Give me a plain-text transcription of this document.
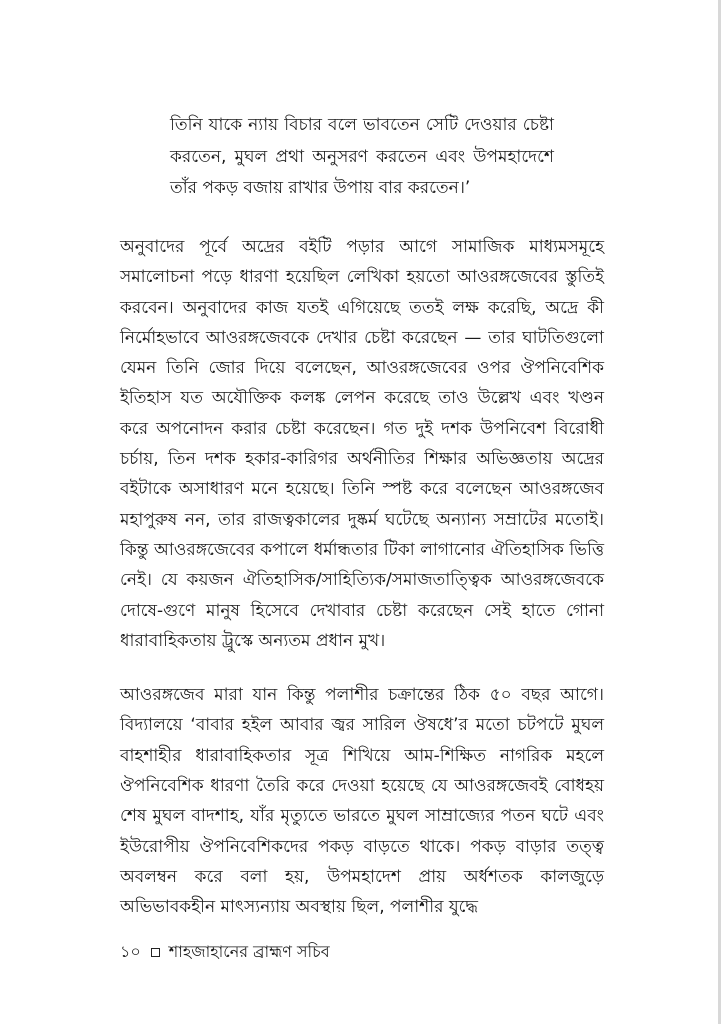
তিনি যাকে ন্যায় বিচার বলে ভাবতেন সেটি দেওয়ার চেষ্টা করতেন, মুঘল প্রথা অনুসরণ করতেন এবং উপমহাদেশে তাঁর পকড় বজায় রাখার উপায় বার করতেন।’

অনুবাদের পূর্বে অদ্রের বইটি পড়ার আগে সামাজিক মাধ্যমসমূহে সমালোচনা পড়ে ধারণা হয়েছিল লেখিকা হয়তো আওরঙ্গজেবের স্তুতিই করবেন। অনুবাদের কাজ যতই এগিয়েছে ততই লক্ষ করেছি, অদ্রে কী নির্মোহভাবে আওরঙ্গজেবকে দেখার চেষ্টা করেছেন — তার ঘাটতিগুলো যেমন তিনি জোর দিয়ে বলেছেন, আওরঙ্গজেবের ওপর ঔপনিবেশিক ইতিহাস যত অযৌক্তিক কলঙ্ক লেপন করেছে তাও উল্লেখ এবং খণ্ডন করে অপনোদন করার চেষ্টা করেছেন। গত দুই দশক উপনিবেশ বিরোধী চর্চায়, তিন দশক হকার-কারিগর অর্থনীতির শিক্ষার অভিজ্ঞতায় অদ্রের বইটাকে অসাধারণ মনে হয়েছে। তিনি স্পষ্ট করে বলেছেন আওরঙ্গজেব মহাপুরুষ নন, তার রাজত্বকালের দুষ্কর্ম ঘটেছে অন্যান্য সম্রাটের মতোই। কিন্তু আওরঙ্গজেবের কপালে ধর্মান্ধতার টিকা লাগানোর ঐতিহাসিক ভিত্তি নেই। যে কয়জন ঐতিহাসিক/সাহিত্যিক/সমাজতাত্ত্বিক আওরঙ্গজেবকে দোষে-গুণে মানুষ হিসেবে দেখাবার চেষ্টা করেছেন সেই হাতে গোনা ধারাবাহিকতায় ট্রুস্কে অন্যতম প্রধান মুখ।

আওরঙ্গজেব মারা যান কিন্তু পলাশীর চক্রান্তের ঠিক ৫০ বছর আগে। বিদ্যালয়ে ‘বাবার হইল আবার জ্বর সারিল ঔষধে’র মতো চটপটে মুঘল বাহশাহীর ধারাবাহিকতার সূত্র শিখিয়ে আম-শিক্ষিত নাগরিক মহলে ঔপনিবেশিক ধারণা তৈরি করে দেওয়া হয়েছে যে আওরঙ্গজেবই বোধহয় শেষ মুঘল বাদশাহ, যাঁর মৃত্যুতে ভারতে মুঘল সাম্রাজ্যের পতন ঘটে এবং ইউরোপীয় ঔপনিবেশিকদের পকড় বাড়তে থাকে। পকড় বাড়ার তত্ত্ব অবলম্বন করে বলা হয়, উপমহাদেশ প্রায় অর্ধশতক কালজুড়ে অভিভাবকহীন মাৎস্যন্যায় অবস্থায় ছিল, পলাশীর যুদ্ধে

১০ শাহজাহানের ব্রাহ্মণ সচিব
